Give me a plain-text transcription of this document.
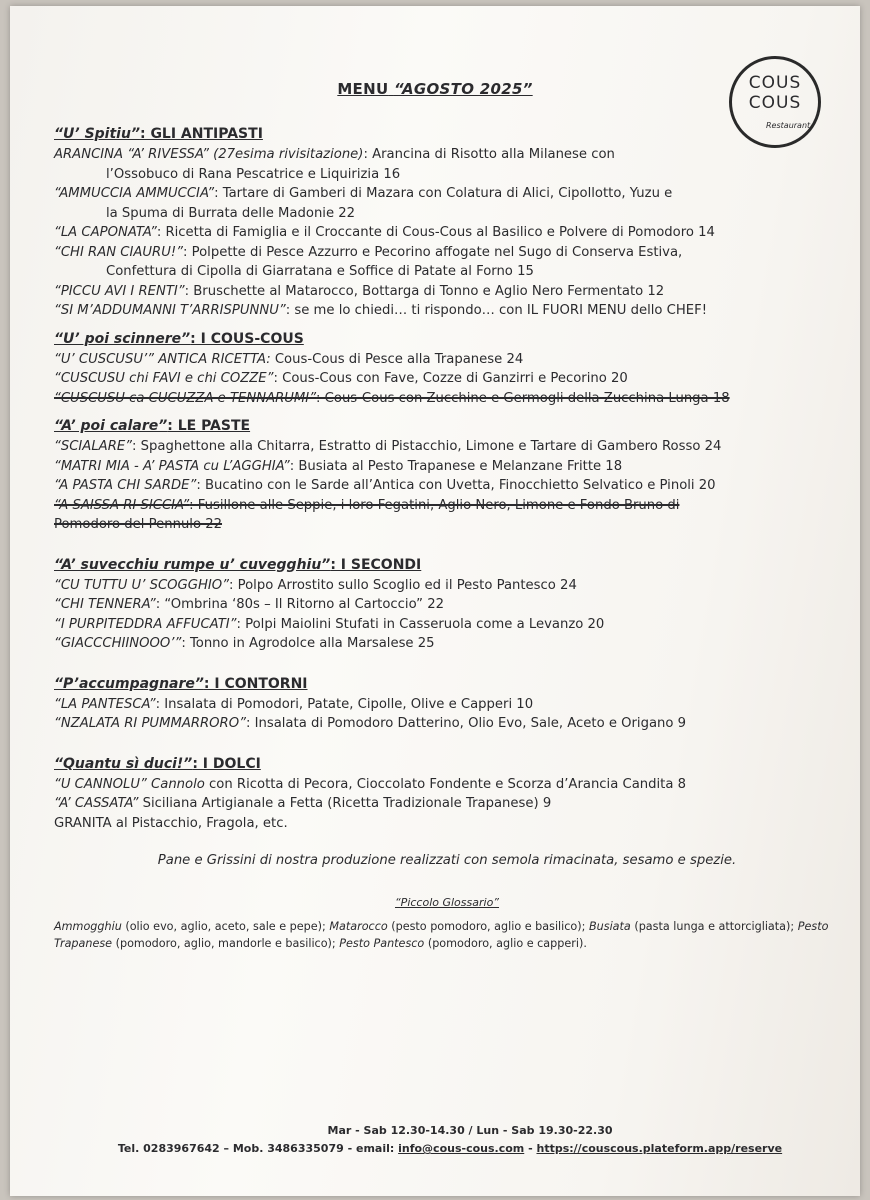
MENU “AGOSTO 2025”	COUS
COUS
Restaurant
“U’ Spitiu”: GLI ANTIPASTI
ARANCINA “A’ RIVESSA” (27esima rivisitazione): Arancina di Risotto alla Milanese con
l’Ossobuco di Rana Pescatrice e Liquirizia 16
“AMMUCCIA AMMUCCIA”: Tartare di Gamberi di Mazara con Colatura di Alici, Cipollotto, Yuzu e
la Spuma di Burrata delle Madonie 22
“LA CAPONATA”: Ricetta di Famiglia e il Croccante di Cous-Cous al Basilico e Polvere di Pomodoro 14
“CHI RAN CIAURU!”: Polpette di Pesce Azzurro e Pecorino affogate nel Sugo di Conserva Estiva,
Confettura di Cipolla di Giarratana e Soffice di Patate al Forno 15
“PICCU AVI I RENTI”: Bruschette al Matarocco, Bottarga di Tonno e Aglio Nero Fermentato 12
“SI M’ADDUMANNI T’ARRISPUNNU”: se me lo chiedi… ti rispondo… con IL FUORI MENU dello CHEF!
“U’ poi scinnere”: I COUS-COUS
“U’ CUSCUSU’” ANTICA RICETTA: Cous-Cous di Pesce alla Trapanese 24
“CUSCUSU chi FAVI e chi COZZE”: Cous-Cous con Fave, Cozze di Ganzirri e Pecorino 20
“CUSCUSU ca CUCUZZA e TENNARUMI”: Cous-Cous con Zucchine e Germogli della Zucchina Lunga 18
“A’ poi calare”: LE PASTE
“SCIALARE”: Spaghettone alla Chitarra, Estratto di Pistacchio, Limone e Tartare di Gambero Rosso 24
“MATRI MIA - A’ PASTA cu L’AGGHIA”: Busiata al Pesto Trapanese e Melanzane Fritte 18
“A PASTA CHI SARDE”: Bucatino con le Sarde all’Antica con Uvetta, Finocchietto Selvatico e Pinoli 20
“A SAISSA RI SICCIA”: Fusillone alle Seppie, i loro Fegatini, Aglio Nero, Limone e Fondo Bruno di
Pomodoro del Pennulo 22
“A’ suvecchiu rumpe u’ cuvegghiu”: I SECONDI
“CU TUTTU U’ SCOGGHIO”: Polpo Arrostito sullo Scoglio ed il Pesto Pantesco 24
“CHI TENNERA”: “Ombrina ‘80s – Il Ritorno al Cartoccio” 22
“I PURPITEDDRA AFFUCATI”: Polpi Maiolini Stufati in Casseruola come a Levanzo 20
“GIACCCHIINOOO’”: Tonno in Agrodolce alla Marsalese 25
“P’accumpagnare”: I CONTORNI
“LA PANTESCA”: Insalata di Pomodori, Patate, Cipolle, Olive e Capperi 10
“NZALATA RI PUMMARRORO”: Insalata di Pomodoro Datterino, Olio Evo, Sale, Aceto e Origano 9
“Quantu sì duci!”: I DOLCI
“U CANNOLU” Cannolo con Ricotta di Pecora, Cioccolato Fondente e Scorza d’Arancia Candita 8
“A’ CASSATA” Siciliana Artigianale a Fetta (Ricetta Tradizionale Trapanese) 9
GRANITA al Pistacchio, Fragola, etc.
Pane e Grissini di nostra produzione realizzati con semola rimacinata, sesamo e spezie.
“Piccolo Glossario”
Ammogghiu (olio evo, aglio, aceto, sale e pepe); Matarocco (pesto pomodoro, aglio e basilico); Busiata (pasta lunga e attorcigliata); Pesto Trapanese (pomodoro, aglio, mandorle e basilico); Pesto Pantesco (pomodoro, aglio e capperi).
Mar - Sab 12.30-14.30 / Lun - Sab 19.30-22.30
Tel. 0283967642 – Mob. 3486335079 - email: info@cous-cous.com - https://couscous.plateform.app/reserve
